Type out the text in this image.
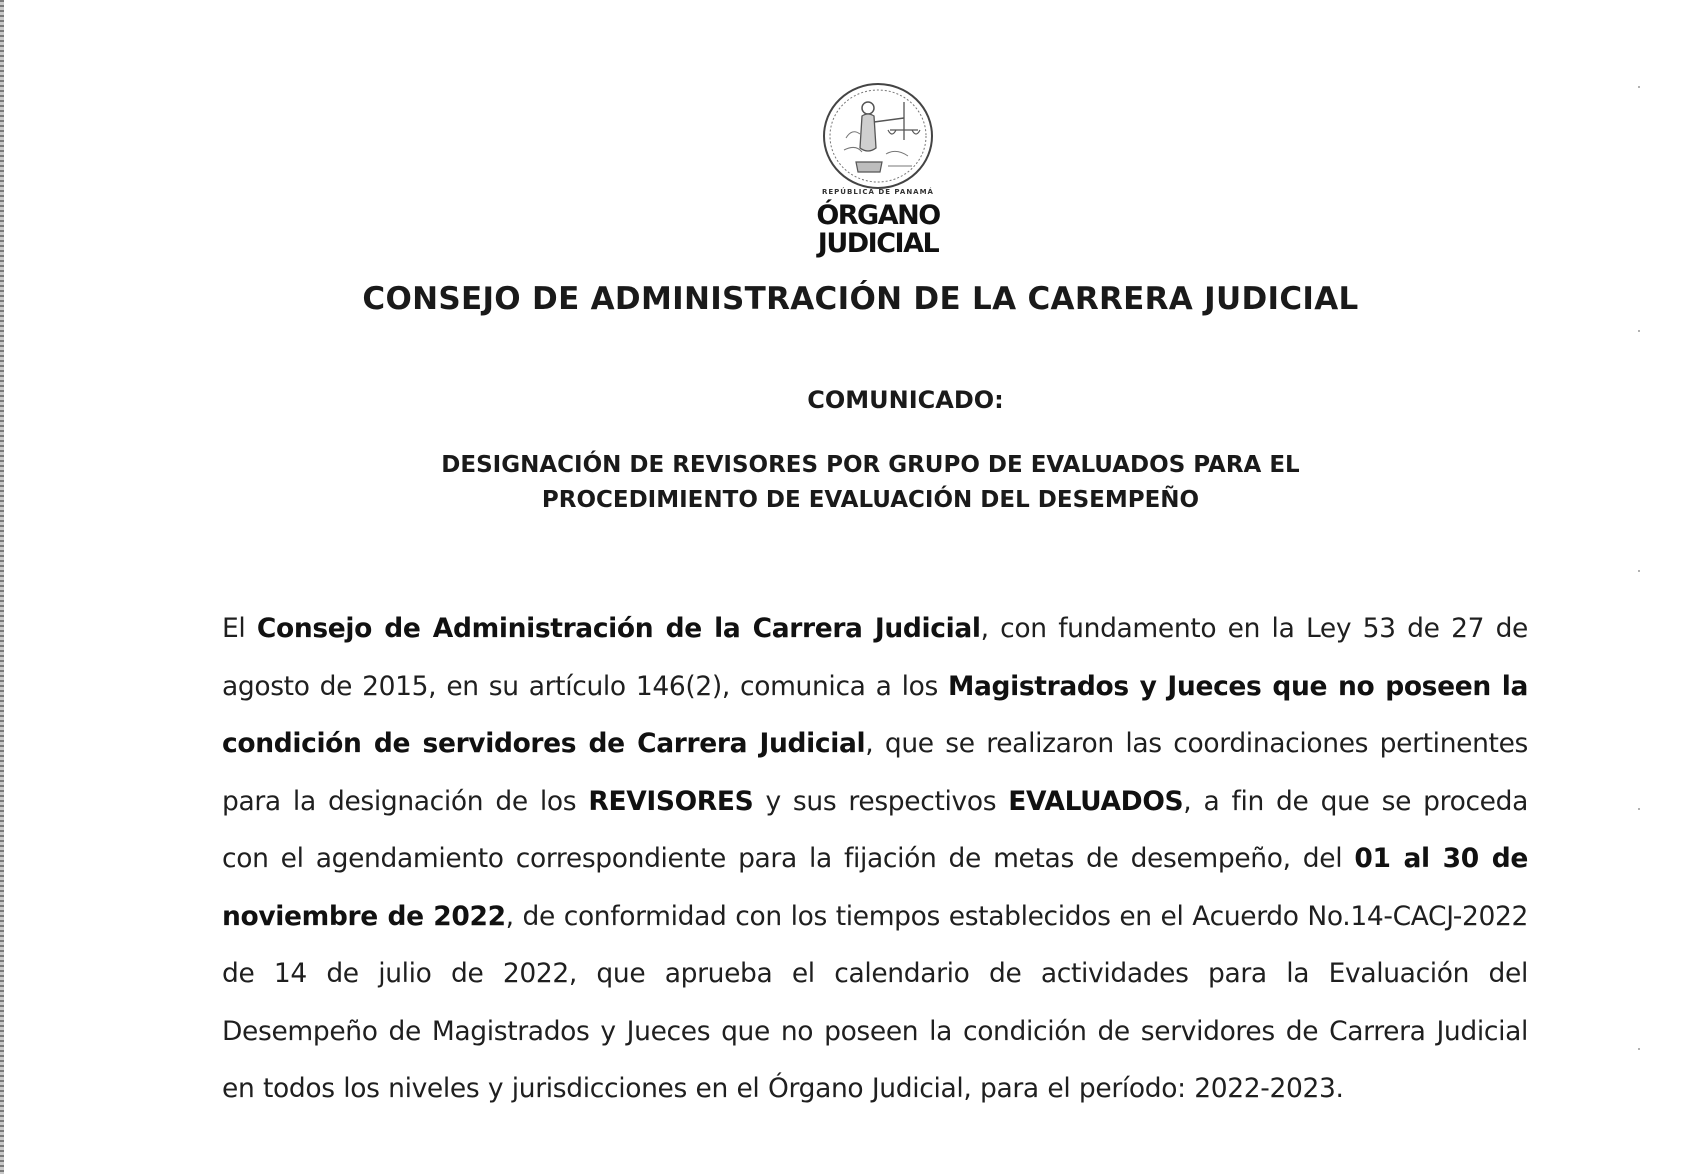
REPÚBLICA DE PANAMÁ
ÓRGANO
JUDICIAL
CONSEJO DE ADMINISTRACIÓN DE LA CARRERA JUDICIAL
COMUNICADO:
DESIGNACIÓN DE REVISORES POR GRUPO DE EVALUADOS PARA EL
PROCEDIMIENTO DE EVALUACIÓN DEL DESEMPEÑO
El Consejo de Administración de la Carrera Judicial, con fundamento en la Ley 53 de 27 de agosto de 2015, en su artículo 146(2), comunica a los Magistrados y Jueces que no poseen la condición de servidores de Carrera Judicial, que se realizaron las coordinaciones pertinentes para la designación de los REVISORES y sus respectivos EVALUADOS, a fin de que se proceda con el agendamiento correspondiente para la fijación de metas de desempeño, del 01 al 30 de noviembre de 2022, de conformidad con los tiempos establecidos en el Acuerdo No.14-CACJ-2022 de 14 de julio de 2022, que aprueba el calendario de actividades para la Evaluación del Desempeño de Magistrados y Jueces que no poseen la condición de servidores de Carrera Judicial en todos los niveles y jurisdicciones en el Órgano Judicial, para el período: 2022-2023.
